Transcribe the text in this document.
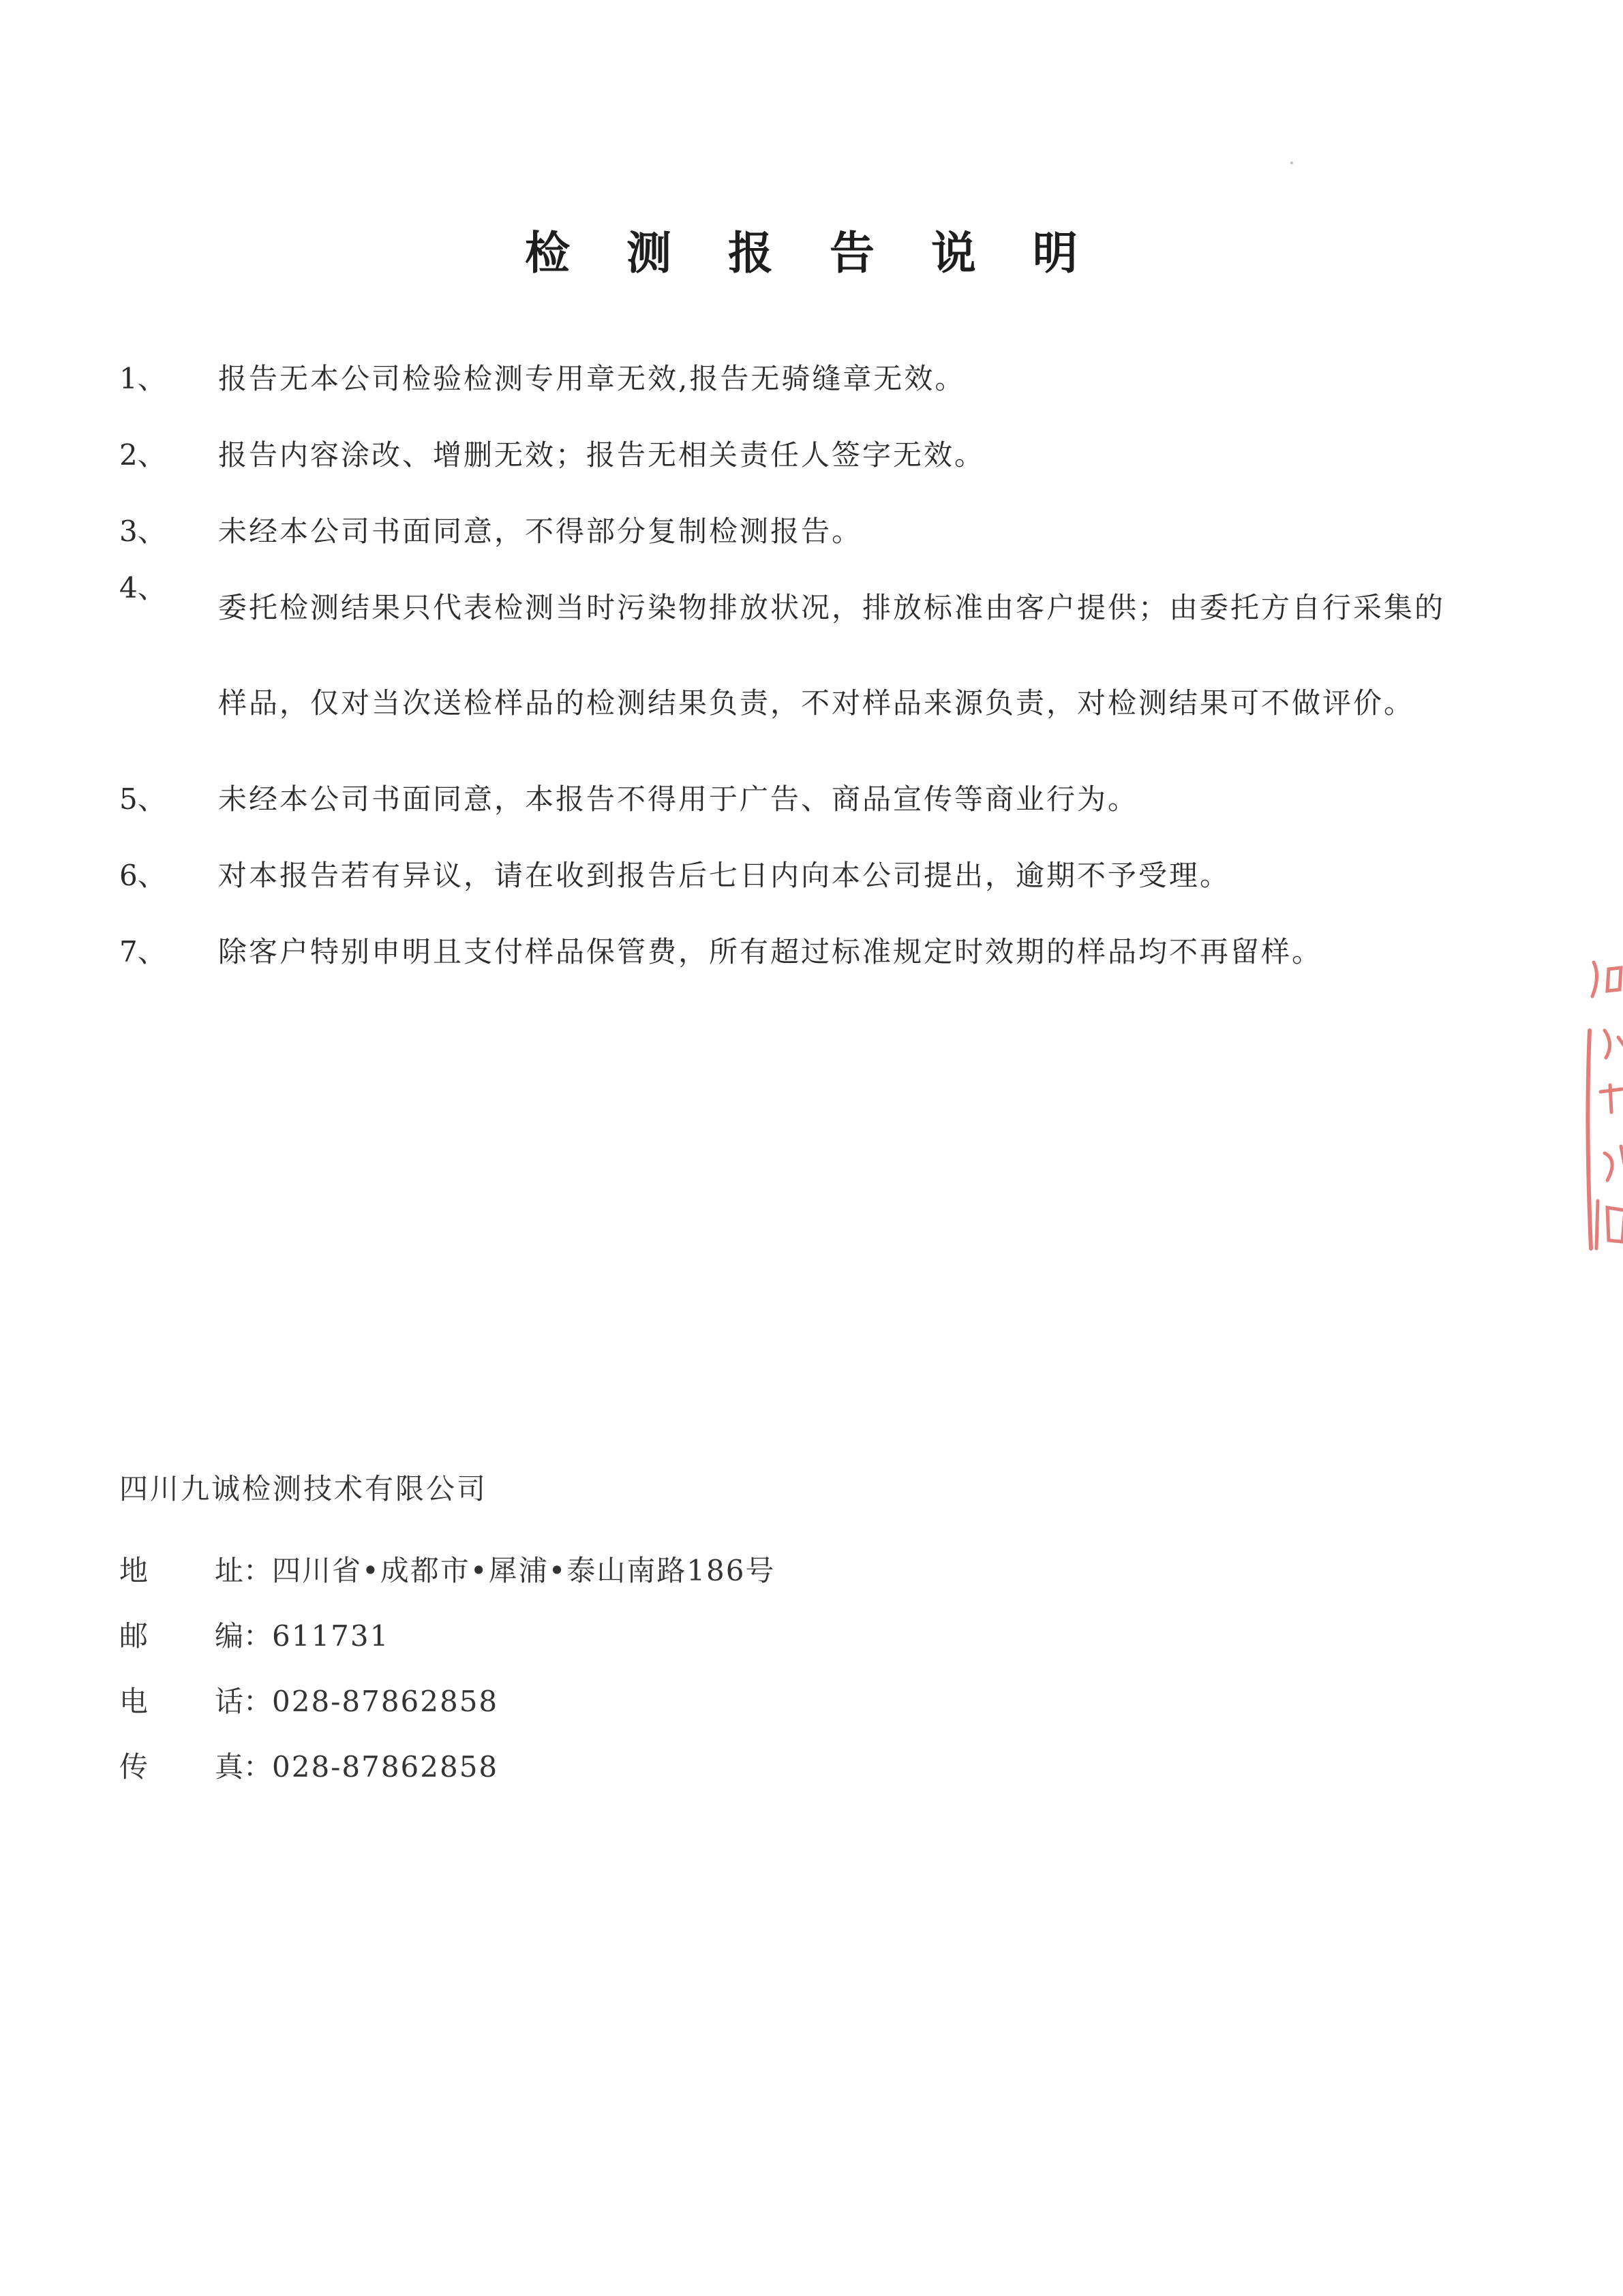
检 测 报 告 说 明
1、 报告无本公司检验检测专用章无效,报告无骑缝章无效。
2、 报告内容涂改、增删无效；报告无相关责任人签字无效。
3、 未经本公司书面同意，不得部分复制检测报告。
4、
委托检测结果只代表检测当时污染物排放状况，排放标准由客户提供；由委托方自行采集的样品，仅对当次送检样品的检测结果负责，不对样品来源负责，对检测结果可不做评价。
5、 未经本公司书面同意，本报告不得用于广告、商品宣传等商业行为。
6、 对本报告若有异议，请在收到报告后七日内向本公司提出，逾期不予受理。
7、 除客户特别申明且支付样品保管费，所有超过标准规定时效期的样品均不再留样。
四川九诚检测技术有限公司
地 址：四川省•成都市•犀浦•泰山南路186号
邮 编：611731
电 话：028-87862858
传 真：028-87862858
